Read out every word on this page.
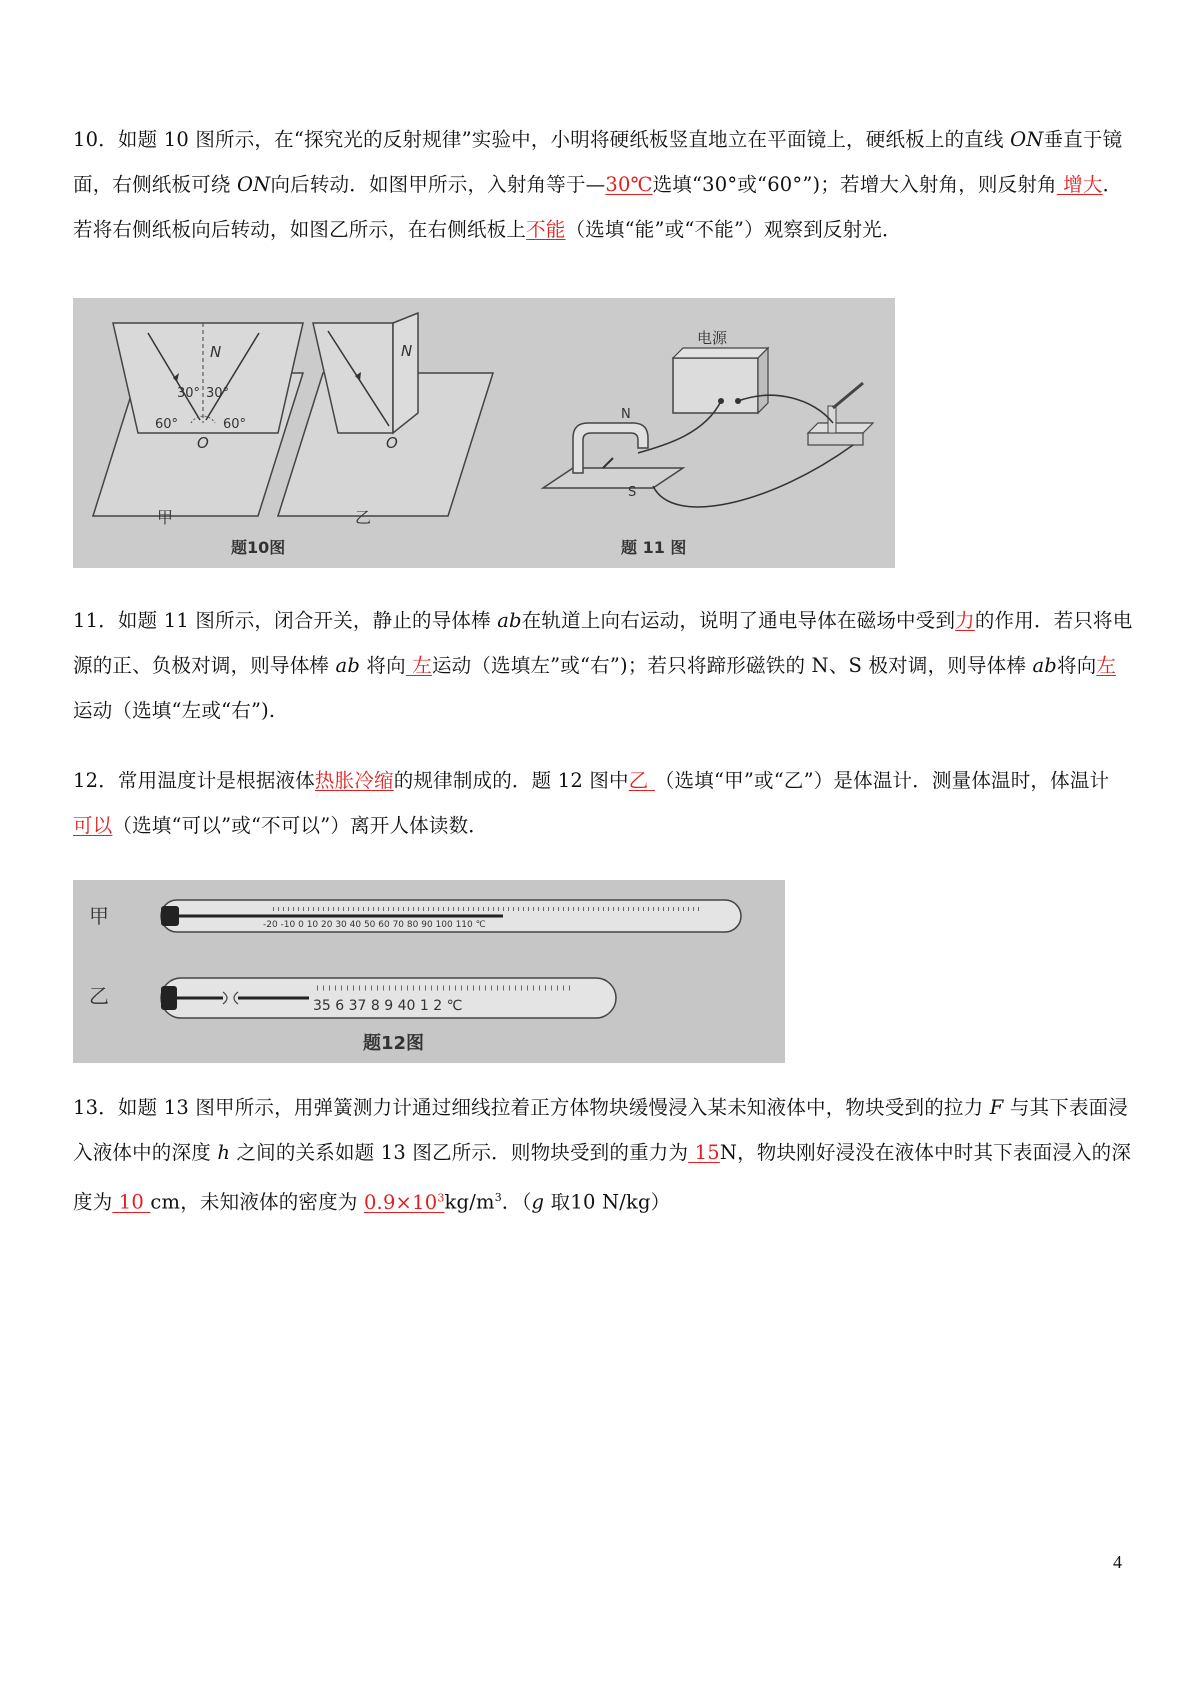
10．如题 10 图所示，在“探究光的反射规律”实验中，小明将硬纸板竖直地立在平面镜上，硬纸板上的直线 ON垂直于镜面，右侧纸板可绕 ON向后转动．如图甲所示，入射角等于—30℃选填“30°或“60°”)；若增大入射角，则反射角 增大．若将右侧纸板向后转动，如图乙所示，在右侧纸板上不能（选填“能”或“不能”）观察到反射光．

N
30° 30°
60°	60°
O
甲
题10图
N
O
乙
电源
N
S
题 11 图

11．如题 11 图所示，闭合开关，静止的导体棒 ab在轨道上向右运动，说明了通电导体在磁场中受到力的作用．若只将电源的正、负极对调，则导体棒 ab 将向 左运动（选填左”或“右”)；若只将蹄形磁铁的 N、S 极对调，则导体棒 ab将向左运动（选填“左或“右”).

12．常用温度计是根据液体热胀冷缩的规律制成的．题 12 图中乙 （选填“甲”或“乙”）是体温计．测量体温时，体温计 可以（选填“可以”或“不可以”）离开人体读数．

甲	-20 -10 0 10 20 30 40 50 60 70 80 90 100 110 ℃
乙	35 6 37 8 9 40 1 2 ℃
题12图

13．如题 13 图甲所示，用弹簧测力计通过细线拉着正方体物块缓慢浸入某未知液体中，物块受到的拉力 F 与其下表面浸入液体中的深度 h 之间的关系如题 13 图乙所示．则物块受到的重力为 15N，物块刚好浸没在液体中时其下表面浸入的深度为 10 cm，未知液体的密度为 $0.9\times 10^3kg/m^3$．（g 取10 N/kg）

4
